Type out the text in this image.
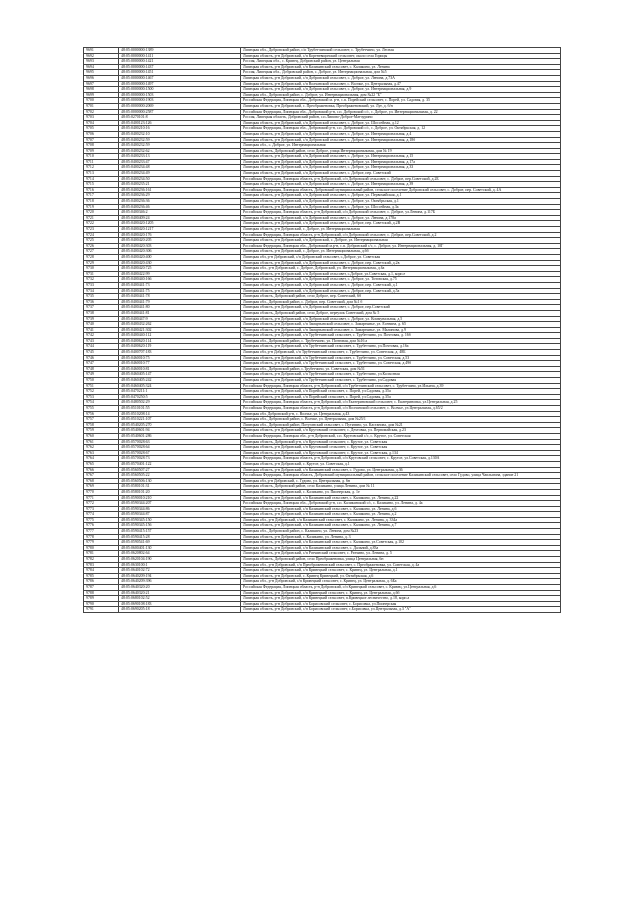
9691	48:05:0000000:1389	Липецкая обл., Добровский район, с/п Трубетчинский сельсовет, с. Трубетчино, ул. Лесная
9692	48:05:0000000:1411	Липецкая область, р-н Добровский, с/п Кореневщинский сельсовет, около села Горицы
9693	48:05:0000000:1421	Россия, Липецкая обл., с. Кривец, Добровский район, ул. Центральная
9694	48:05:0000000:1437	Липецкая область, р-н Добровский, с/п Каликинский сельсовет, с. Каликино, ул. Ленина
9695	48:05:0000000:1451	Россия, Липецкая обл., Добровский район, с. Доброе, ул. Интернациональная, дом №5
9696	48:05:0000000:1467	Липецкая область, р-н Добровский, с/п Добровский сельсовет, с. Доброе, ул. Ленина, д.73А
9697	48:05:0000000:1497	Липецкая область, р-н Добровский, с/п Волчанский сельсовет, с. Волчье, ул. Центральная, д.47
9698	48:05:0000000:1500	Липецкая область, р-н Добровский, с/п Добровский сельсовет, с. Доброе, ул. Интернациональная, д.9
9699	48:05:0000000:1503	Липецкая обл., Добровский район, с. Доброе, ул. Интернациональная, дом №22 "Б"
9700	48:05:0000000:1903	Российская Федерация, Липецкая обл., Добровский м. р-н, с.п. Порейский сельсовет, с. Порей, ул. Садовая, д. 35
9701	48:05:0000000:2069	Липецкая область, р-н Добровский, с. Преображеновка, Преображеновский, ул. Луг, д. б/н
9702	48:05:0000000:2587	Российская Федерация, Липецкая обл., Добровский р-н, с.п. Добровский с/с, с. Доброе, ул. Интернациональная, д. 22
9703	48:05:0270101:8	Россия, Липецкая область, Добровский район, с.п.Липово-Доброе-Матчурино
9704	48:05:0400123:126	Липецкая область, р-н Добровский, с/п Добровский сельсовет, с. Доброе, ул. Шоссейная, д.12
9705	48:05:0400210:16	Российская Федерация, Липецкая обл., Добровский р-н, с.п. Добровский с/с, с. Доброе, ул. Октябрьская, д. 12
9706	48:05:0400232:10	Липецкая область, р-н Добровский, с/п Добровский сельсовет, с. Доброе, ул. Интернациональная, д.4
9707	48:05:0400232:59	Липецкая область, р-н Добровский, с/п Добровский сельсовет, с. Доброе, ул. Интернациональная, д.18б
9708	48:05:0400232:59	Липецкая обл., с. Доброе, ул. Интернациональная
9709	48:05:0400232:62	Липецкая область, Добровский район, село Доброе, улица Интернациональная, дом № 19
9710	48:05:0400233:13	Липецкая область, р-н Добровский, с/п Добровский сельсовет, с. Доброе, ул. Интернациональная, д.15
9711	48:05:0400233:47	Липецкая область, р-н Добровский, с/п Добровский сельсовет, с. Доброе, ул. Интернациональная, д.17а
9712	48:05:0400234:48	Липецкая область, р-н Добровский, с/п Добровский сельсовет, с. Доброе, ул. Интернациональная, д.33
9713	48:05:0400234:49	Липецкая область, р-н Добровский, с/п Добровский сельсовет, с. Доброе, пер. Советский
9714	48:05:0400234:50	Российская Федерация, Липецкая область, р-н Добровский, с/п Добровский сельсовет, с. Доброе, пер.Советский, д.2Б
9715	48:05:0400235:21	Липецкая область, р-н Добровский, с/п Добровский сельсовет, с. Доброе, ул. Интернациональная, д.39
9716	48:05:0400236:161	Российская Федерация, Липецкая область, Добровский муниципальный район, сельское поселение Добровский сельсовет, с. Доброе, пер. Советский, д. 4А
9717	48:05:0400236:29	Липецкая область, р-н Добровский, с/п Добровский сельсовет, с. Доброе, ул. Первомайская, д.1
9718	48:05:0400236:36	Липецкая область, р-н Добровский, с/п Добровский сельсовет, с. Доброе, ул. Октябрьская, д.1
9719	48:05:0400236:46	Липецкая область, р-н Добровский, с/п Добровский сельсовет, с. Доброе, ул. Шоссейная, д.3а
9720	48:05:0400346:2	Российская Федерация, Липецкая область, р-н Добровский, с/п Добровский сельсовет, с. Доброе, ул.Ленина, д.117Б
9721	48:05:0400409:24	Липецкая область, р-н Добровский, с/п Добровский сельсовет, с. Доброе, ул. Ленина, д.178а
9722	48:05:0400420:1205	Липецкая область, р-н Добровский, с/п Добровский сельсовет, с. Доброе, пер. Советский, д.2В
9723	48:05:0400420:1217	Липецкая область, р-н Добровский, с. Доброе, ул. Интернациональная
9724	48:05:0400420:176	Российская Федерация, Липецкая область, р-н Добровский, с/п Добровский сельсовет, с. Доброе, пер.Советский, д.2
9725	48:05:0400420:205	Липецкая область, р-н Добровский, с/п Добровский, с. Доброе, ул. Интернациональная
9726	48:05:0400420:303	Российская Федерация, Липецкая обл., Добровский м.р-н, с.п. Добровский с/с, с. Доброе, ул. Интернациональная, д. 10Г
9727	48:05:0400420:306	Липецкая область, р-н Добровский, с. Доброе, ул. Интернациональная, д.6б
9728	48:05:0400420:400	Липецкая обл, р-н Добровский, с/п Добровский сельсовет, с.Доброе, ул. Советская
9729	48:05:0400420:430	Липецкая область, р-н Добровский, с/п Добровский сельсовет, с. Доброе, пер. Советский, д.2в
9730	48:05:0400420:725	Липецкая обл., р-н Добровский, с. Доброе, Добровский, ул. Интернациональная, д.6а
9731	48:05:0400422:99	Липецкая область, р-н Добровский, с/п Добровский сельсовет, с.Доброе, ул.Советская, д.1, корп.е
9732	48:05:0400440:166	Липецкая область, р-н Добровский, с/п Добровский сельсовет, с. Доброе, ул. Титовская, д.75
9733	48:05:0400441:73	Липецкая область, р-н Добровский, с/п Добровский сельсовет, с. Доброе, пер. Советский, д.1
9734	48:05:0400441:75	Липецкая область, р-н Добровский, с/п Добровский сельсовет, с. Доброе, пер. Советский, д.5а
9735	48:05:0400441:78	Липецкая область, Добровский район, село Доброе, пер. Советский, 6б
9736	48:05:0400441:79	Липецкая обл., Добровский район, с. Доброе, пер. Советский, дом №1 б
9737	48:05:0400441:80	Липецкая область, р-н Добровский, с/п Добровский сельсовет, с. Доброе, пер.Советский
9738	48:05:0400441:81	Липецкая область, Добровский район, село Доброе, переулок Советский, дом № 5
9739	48:05:0400447:9	Липецкая область, р-н Добровский, с/п Добровский сельсовет, с. Доброе, ул. Коммунальная, д.5
9740	48:05:0400432:262	Липецкая область, р-н Добровский, с/п Замартынский сельсовет, с. Замартынье, ул. Есенина, д. 65
9741	48:05:0400421:302	Липецкая область, р-н Добровский, с/п Замартынский сельсовет, с. Замартынье, ул. Малинова, д.9
9742	48:05:0400440:112	Липецкая область, р-н Добровский, с/п Трубетчинский сельсовет, с. Трубетчино, ул. Почтовая, д. 16б
9743	48:05:0400620:114	Липецкая обл., Добровский район, с. Трубетчино, ул. Почтовая, дом №16 а
9744	48:05:0400620:119	Липецкая область, р-н Добровский, с/п Трубетчинский сельсовет, с. Трубетчино, ул.Почтовая, д.16а
9745	48:05:0400707:183	Липецкая обл, р-н Добровский, с/п Трубетчинский сельсовет, с. Трубетчино, ул. Советская, д. 48Б
9746	48:05:0460010:75	Липецкая область, р-н Добровский, с/п Трубетчинский сельсовет, с. Трубетчино, ул. Советская, д.53
9747	48:05:0460010:77	Липецкая область, р-н Добровский, с/п Трубетчинский сельсовет, с. Трубетчино, ул. Советская, д.49б
9748	48:05:0460010:81	Липецкая обл., Добровский район, с.Трубетчино, ул. Советская, дом №51
9749	48:05:0460405:147	Липецкая область, р-н Добровский, с/п Трубетчинский сельсовет, с. Трубетчино, ул.Колхозная
9750	48:05:0460405:242	Липецкая область, р-н Добровский, с/п Трубетчинский сельсовет, с. Трубетчино, ул.Садовая
9751	48:05:0460405:324	Российская Федерация, Липецкая область, р-н Добровский, с/п Трубетчинский сельсовет, с. Трубетчино, ул.Ильича, д.39
9752	48:05:0470211:1	Липецкая область, р-н Добровский, с/п Порейский сельсовет, с. Порей, ул.Садовая, д.35а
9753	48:05:0470250:5	Липецкая область, р-н Добровский, с/п Порейский сельсовет, с. Порей, ул.Садовая, д.35а
9754	48:05:0480502:29	Российская Федерация, Липецкая область, р-н Добровский, с/п Екатериновский сельсовет, с. Екатериновка, ул.Центральная, д.25
9755	48:05:0510101:55	Российская Федерация, Липецкая область, р-н Добровский, с/п Волчанский сельсовет, с. Волчье, ул.Центральная, д.65/2
9756	48:05:0510208:14	Липецкая обл. Добровский р-н, с. Волчье, ул. Центральная, д.43
9757	48:05:0510221:107	Липецкая обл., Добровский район, с. Волчье, ул. Центральная, дом №25/1
9758	48:05:0540205:270	Липецкая обл., Добровский район, Потуганский сельсовет, с. Путятино, ул. Кастанова, дом №21
9759	48:05:0540601:94	Липецкая область, р-н Добровский, с/п Крутовский сельсовет, с. Дехтовка, ул. Первомайская, д.23
9760	48:05:0540601:286	Российская Федерация, Липецкая обл., р-н Добровский, с.п. Крутовский с/с, с. Крутое, ул. Советская
9761	48:05:0570028:63	Липецкая область, Добровский р-н, с/п Крутовский сельсовет, с. Крутое, ул. Советская
9762	48:05:0570028:64	Липецкая область, р-н Добровский, с/п Крутовский сельсовет, с. Крутое, ул. Советская
9763	48:05:0570028:67	Липецкая область, р-н Добровский, с/п Крутовский сельсовет, с. Крутое, ул. Советская, д.134
9764	48:05:0570028:73	Российская Федерация, Липецкая область, р-н Добровский, с/п Крутовский сельсовет, с. Крутое, ул.Советская, д.130А
9765	48:05:0570401:122	Липецкая область, р-н Добровский, с. Крутое, ул. Советская, д.1
9766	48:05:0560507:27	Липецкая область, р-н Добровский, с/п Каликинский сельсовет, с. Гудово, ул. Центральная, д.36
9767	48:05:0560505:22	Российская Федерация, Липецкая область, Добровский муниципальный район, сельское поселение Каликинский сельсовет, село Гудово, улица Чаплыгина, здание 21
9768	48:05:0560506:130	Липецкая обл, р-н Добровский, с. Гудово, ул. Центральная, д. 6н
9769	48:05:0580101:31	Липецкая область, Добровский район, село Каликино, улица Ленина, дом № 11
9770	48:05:0580101:20	Липецкая область, р-н Добровский, с. Каликино, ул. Пионерская, д. 1е
9771	48:05:0590010:210	Липецкая область, р-н Добровский, с/п Каликинский сельсовет, с. Каликино, ул. Ленина, д.22
9772	48:05:0590344:207	Российская Федерация, Липецкая обл., Добровский р-н, с.п. Каликинский с/с, с. Каликино, ул. Ленина, д. 4а
9773	48:05:0590344:86	Липецкая область, р-н Добровский, с/п Каликинский сельсовет, с. Каликино, ул. Ленина, д.6
9774	48:05:0590344:87	Липецкая область, р-н Добровский, с/п Каликинский сельсовет, с. Каликино, ул. Ленина, д.2
9775	48:05:0590345:150	Липецкая обл., р-н Добровский, с/п Каликинский сельсовет, с. Каликино, ул. Ленина, д. 334а
9776	48:05:0590345:156	Липецкая область, р-н Добровский, с/п Каликинский сельсовет, с. Каликино, ул. Ленина, д.7
9777	48:05:0590415:157	Липецкая обл., Добровский район, с. Каликино, ул. Ленина, дом №23
9778	48:05:0590415:28	Липецкая область, р-н Добровский, с. Каликино, ул. Ленина, д. 3
9779	48:05:0590541:69	Липецкая область, р-н Добровский, с/п Каликинский сельсовет, с. Каликино, ул.Советская, д.102
9780	48:05:0600401:130	Липецкая область, р-н Добровский, с/п Каликинский сельсовет, с. Дальний, д.83а
9781	48:05:0620802:64	Липецкая область, р-н Добровский, с/п Ратчинский сельсовет, с. Ратчино, ул. Ленина, д. 5
9782	48:05:0620104:190	Липецкая область, Добровский район, село Преображеновка, улица Центральная, 6н
9783	48:05:0630100:1	Липецкая обл., р-н Добровский, с/п Преображеновский сельсовет, с. Преображеновка, ул. Советская, д. 4а
9784	48:05:0640102:72	Липецкая область, р-н Добровский, с/п Кривецкий сельсовет, с. Кривец, ул. Центральная, д.1
9785	48:05:0640209:194	Липецкая область, р-н Добровский, с. Кривец Кривецкий, ул. Октябрьская, д.6
9786	48:05:0640209:396	Липецкая обл., р-н Добровский, с/п Кривецкий сельсовет, с. Кривец, ул. Центральная, д. 6Ба
9787	48:05:0640320:20	Российская Федерация, Липецкая область, р-н Добровский, с/п Кривецкий сельсовет, с. Кривец, ул.Центральная, д.6
9788	48:05:0640320:21	Липецкая область, р-н Добровский, с/п Кривецкий сельсовет, с. Кривец, ул. Центральная, д.6б
9789	48:05:0680102:52	Липецкая область, р-н Добровский, с/п Кривецкий сельсовет, п.Кривецкое лесничество, д.18, корп.а
9790	48:05:0690108:183	Липецкая область, р-н Добровский, с/п Борисовский сельсовет, с. Борисовка, ул.Пионерская
9791	48:05:0690205:18	Липецкая область, р-н Добровский, с/п Борисовский сельсовет, с.Борисовка, ул.Центральная, д.3 "А"
